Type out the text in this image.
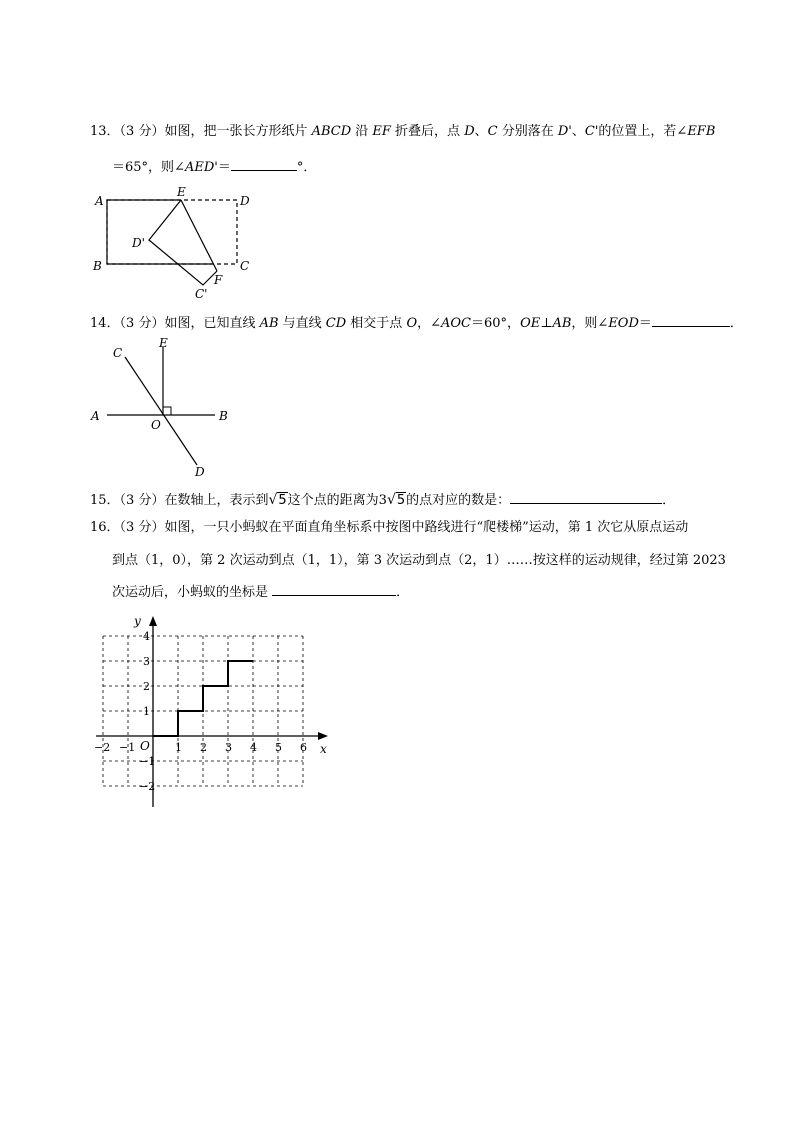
13．（3 分）如图，把一张长方形纸片 ABCD 沿 EF 折叠后，点 D、C 分别落在 D'、C'的位置上，若∠EFB
＝65°，则∠AED'＝	°．
A
E
D
D'
B
F
C
C'
14．（3 分）如图，已知直线 AB 与直线 CD 相交于点 O，∠AOC＝60°，OE⊥AB，则∠EOD＝	．
A	B
C
D
E
O
15．（3 分）在数轴上，表示到√5这个点的距离为3√5的点对应的数是：	．
16．（3 分）如图，一只小蚂蚁在平面直角坐标系中按图中路线进行“爬楼梯”运动，第 1 次它从原点运动
到点（1，0），第 2 次运动到点（1，1），第 3 次运动到点（2，1）……按这样的运动规律，经过第 2023
次运动后，小蚂蚁的坐标是	．
x
y
O
−2 −1	1 2 3 4 5 6
4
3
2
1
−1
−2
